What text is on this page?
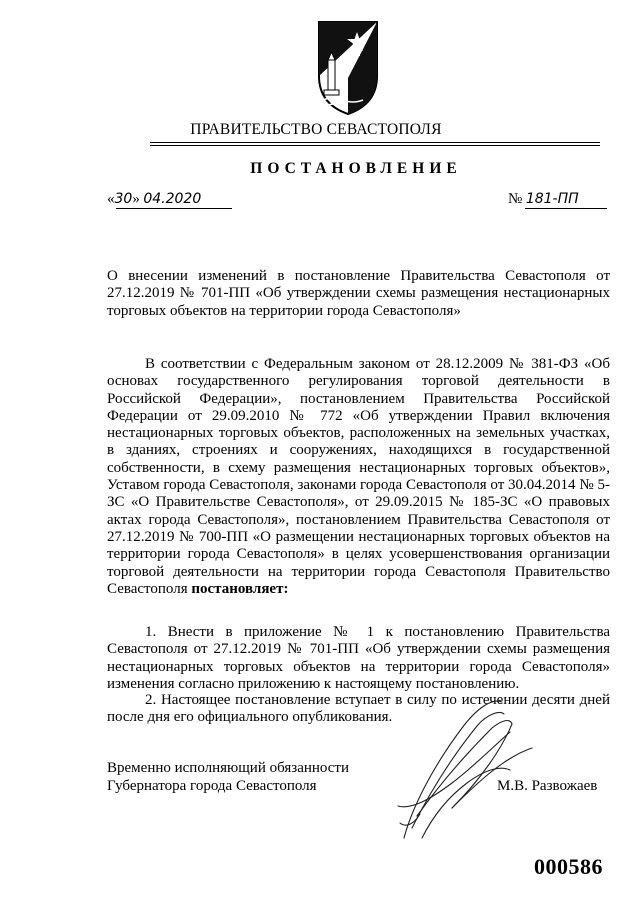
ПРАВИТЕЛЬСТВО СЕВАСТОПОЛЯ
ПОСТАНОВЛЕНИЕ
«30» 04.2020	№ 181-ПП
О внесении изменений в постановление Правительства Севастополя от 27.12.2019 № 701-ПП «Об утверждении схемы размещения нестационарных торговых объектов на территории города Севастополя»
В соответствии с Федеральным законом от 28.12.2009 № 381-ФЗ «Об основах государственного регулирования торговой деятельности в Российской Федерации», постановлением Правительства Российской Федерации от 29.09.2010 № 772 «Об утверждении Правил включения нестационарных торговых объектов, расположенных на земельных участках, в зданиях, строениях и сооружениях, находящихся в государственной собственности, в схему размещения нестационарных торговых объектов», Уставом города Севастополя, законами города Севастополя от 30.04.2014 № 5-ЗС «О Правительстве Севастополя», от 29.09.2015 № 185-ЗС «О правовых актах города Севастополя», постановлением Правительства Севастополя от 27.12.2019 № 700-ПП «О размещении нестационарных торговых объектов на территории города Севастополя» в целях усовершенствования организации торговой деятельности на территории города Севастополя Правительство Севастополя постановляет:
1. Внести в приложение № 1 к постановлению Правительства Севастополя от 27.12.2019 № 701-ПП «Об утверждении схемы размещения нестационарных торговых объектов на территории города Севастополя» изменения согласно приложению к настоящему постановлению.
2. Настоящее постановление вступает в силу по истечении десяти дней после дня его официального опубликования.
Временно исполняющий обязанности
Губернатора города Севастополя	М.В. Развожаев
000586
